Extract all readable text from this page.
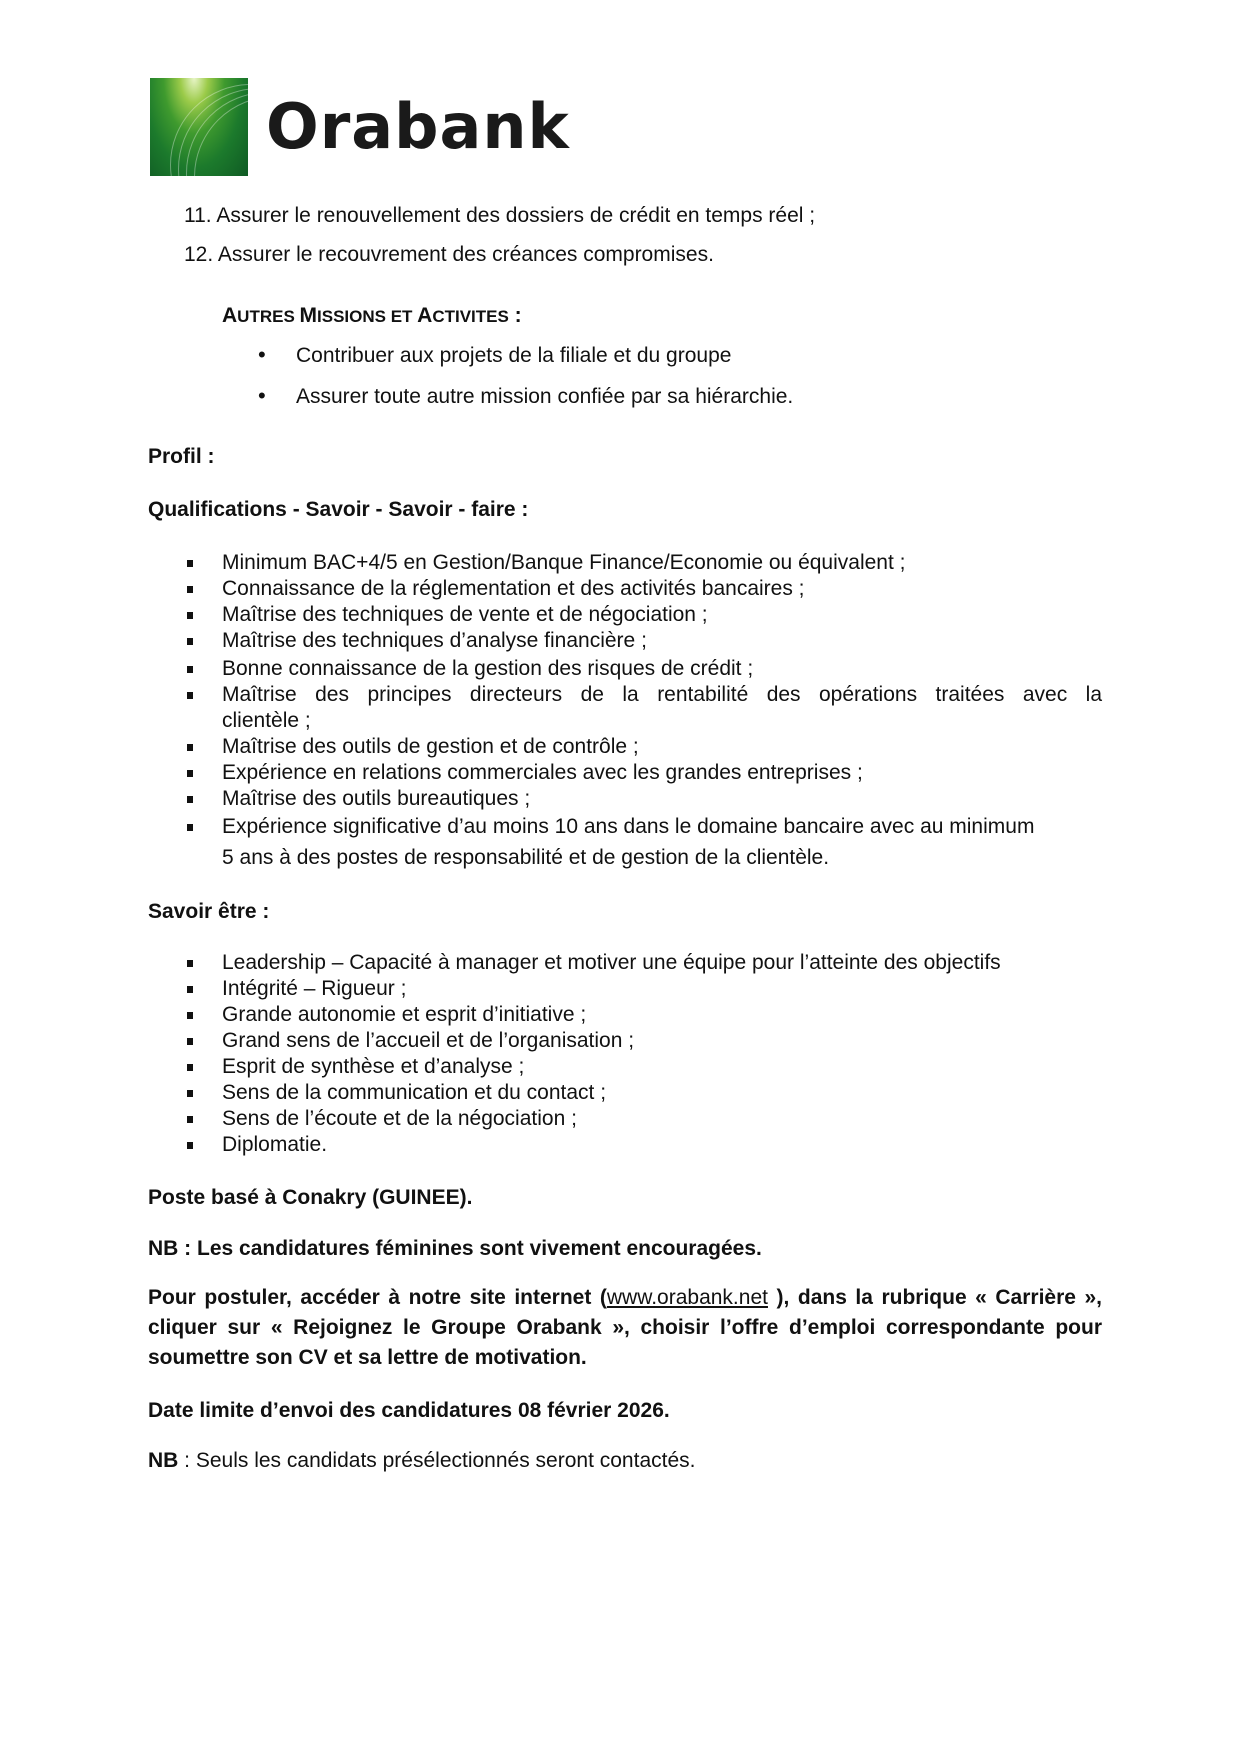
Orabank
11. Assurer le renouvellement des dossiers de crédit en temps réel ;
12. Assurer le recouvrement des créances compromises.
AUTRES MISSIONS ET ACTIVITES :
• Contribuer aux projets de la filiale et du groupe
• Assurer toute autre mission confiée par sa hiérarchie.
Profil :
Qualifications - Savoir - Savoir - faire :
Minimum BAC+4/5 en Gestion/Banque Finance/Economie ou équivalent ;
Connaissance de la réglementation et des activités bancaires ;
Maîtrise des techniques de vente et de négociation ;
Maîtrise des techniques d’analyse financière ;
Bonne connaissance de la gestion des risques de crédit ;
Maîtrise des principes directeurs de la rentabilité des opérations traitées avec la
clientèle ;
Maîtrise des outils de gestion et de contrôle ;
Expérience en relations commerciales avec les grandes entreprises ;
Maîtrise des outils bureautiques ;
Expérience significative d’au moins 10 ans dans le domaine bancaire avec au minimum
5 ans à des postes de responsabilité et de gestion de la clientèle.
Savoir être :
Leadership – Capacité à manager et motiver une équipe pour l’atteinte des objectifs
Intégrité – Rigueur ;
Grande autonomie et esprit d’initiative ;
Grand sens de l’accueil et de l’organisation ;
Esprit de synthèse et d’analyse ;
Sens de la communication et du contact ;
Sens de l’écoute et de la négociation ;
Diplomatie.
Poste basé à Conakry (GUINEE).
NB : Les candidatures féminines sont vivement encouragées.
Pour postuler, accéder à notre site internet (www.orabank.net ), dans la rubrique « Carrière », cliquer sur « Rejoignez le Groupe Orabank », choisir l’offre d’emploi correspondante pour soumettre son CV et sa lettre de motivation.
Date limite d’envoi des candidatures 08 février 2026.
NB : Seuls les candidats présélectionnés seront contactés.
